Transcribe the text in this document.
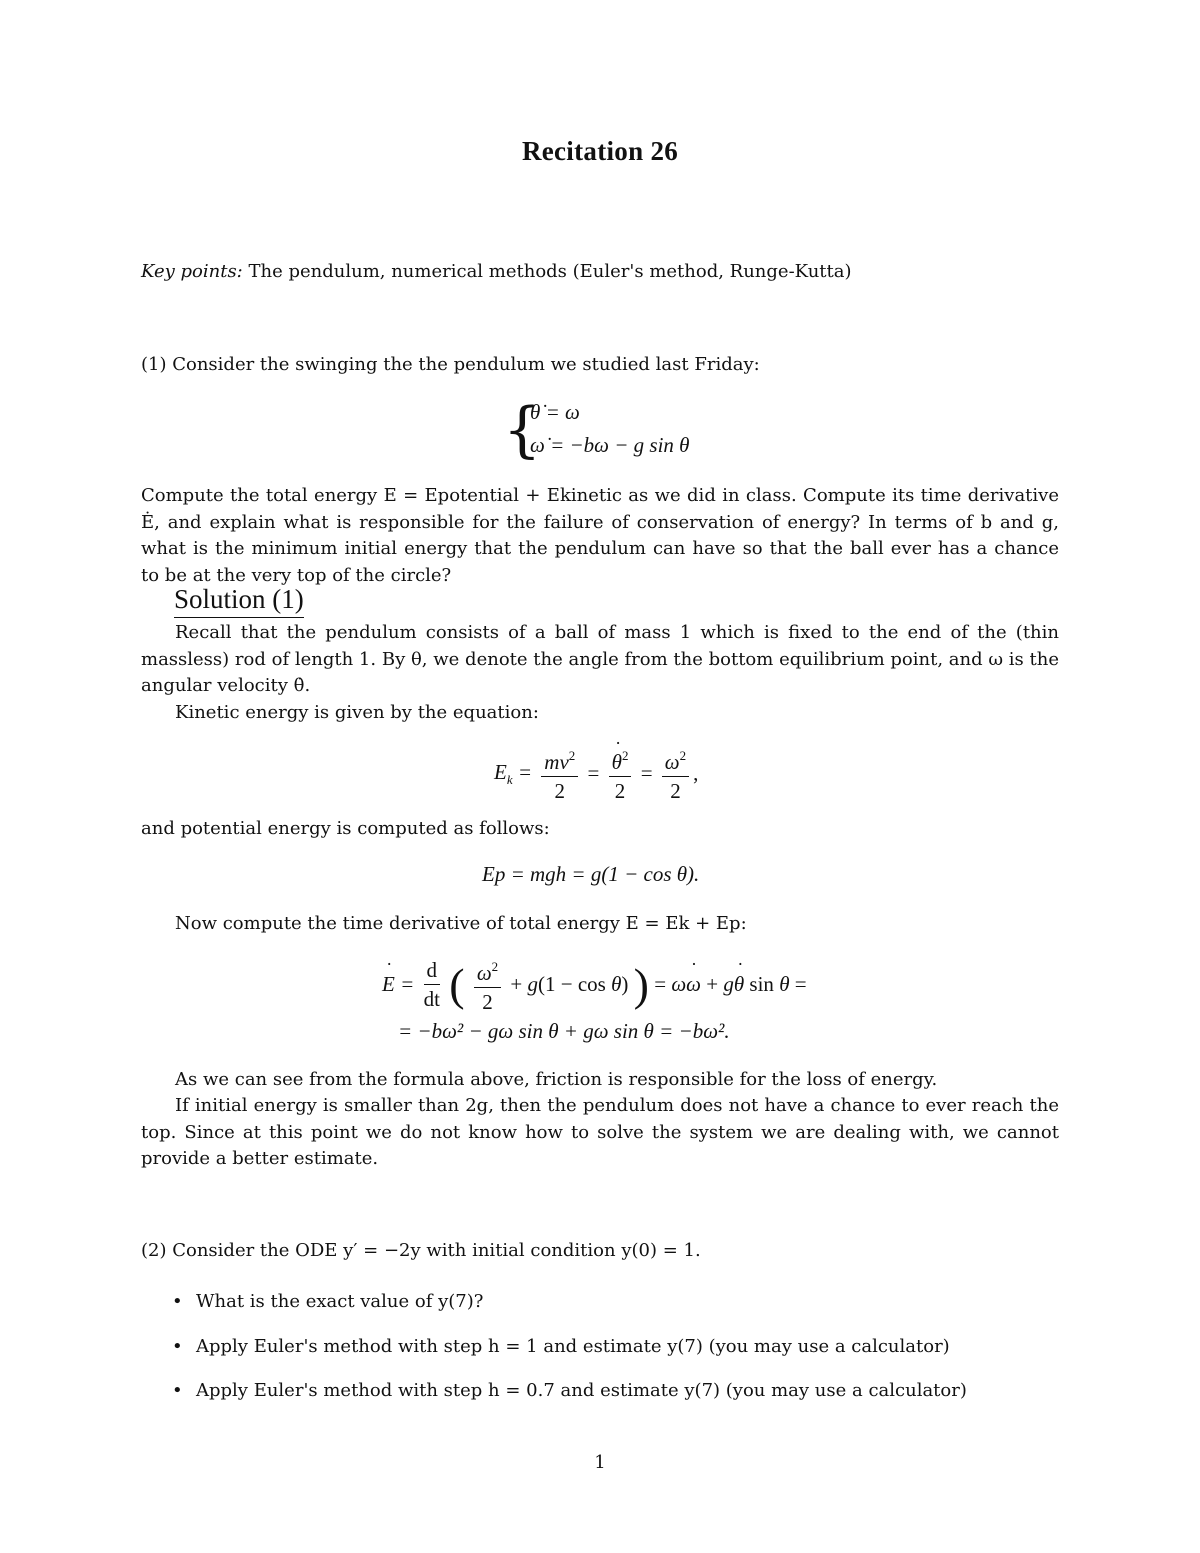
Recitation 26
Key points: The pendulum, numerical methods (Euler's method, Runge-Kutta)
(1) Consider the swinging the the pendulum we studied last Friday:
{
θ̇ = ω
ω̇ = −bω − g sin θ
Compute the total energy E = Epotential + Ekinetic as we did in class. Compute its time derivative Ė, and explain what is responsible for the failure of conservation of energy? In terms of b and g, what is the minimum initial energy that the pendulum can have so that the ball ever has a chance to be at the very top of the circle?
Solution (1)
Recall that the pendulum consists of a ball of mass 1 which is fixed to the end of the (thin massless) rod of length 1. By θ, we denote the angle from the bottom equilibrium point, and ω is the angular velocity θ̇.
Kinetic energy is given by the equation:
$E_k = \frac{mv^2}{2} = \frac{\theta ˙^2}{2} = \frac{\omega^2}{2}$ ,
and potential energy is computed as follows:
Ep = mgh = g(1 − cos θ).
Now compute the time derivative of total energy E = Ek + Ep:
E ˙ = $\frac{d}{dt}$ ( $\frac{\omega^2}{2} + g(1 - \cos \theta)$ ) = ωω ˙ + gθ ˙ sin θ =
= −bω² − gω sin θ + gω sin θ = −bω².
As we can see from the formula above, friction is responsible for the loss of energy.
If initial energy is smaller than 2g, then the pendulum does not have a chance to ever reach the top. Since at this point we do not know how to solve the system we are dealing with, we cannot provide a better estimate.
(2) Consider the ODE y′ = −2y with initial condition y(0) = 1.
• What is the exact value of y(7)?
• Apply Euler's method with step h = 1 and estimate y(7) (you may use a calculator)
• Apply Euler's method with step h = 0.7 and estimate y(7) (you may use a calculator)
1
